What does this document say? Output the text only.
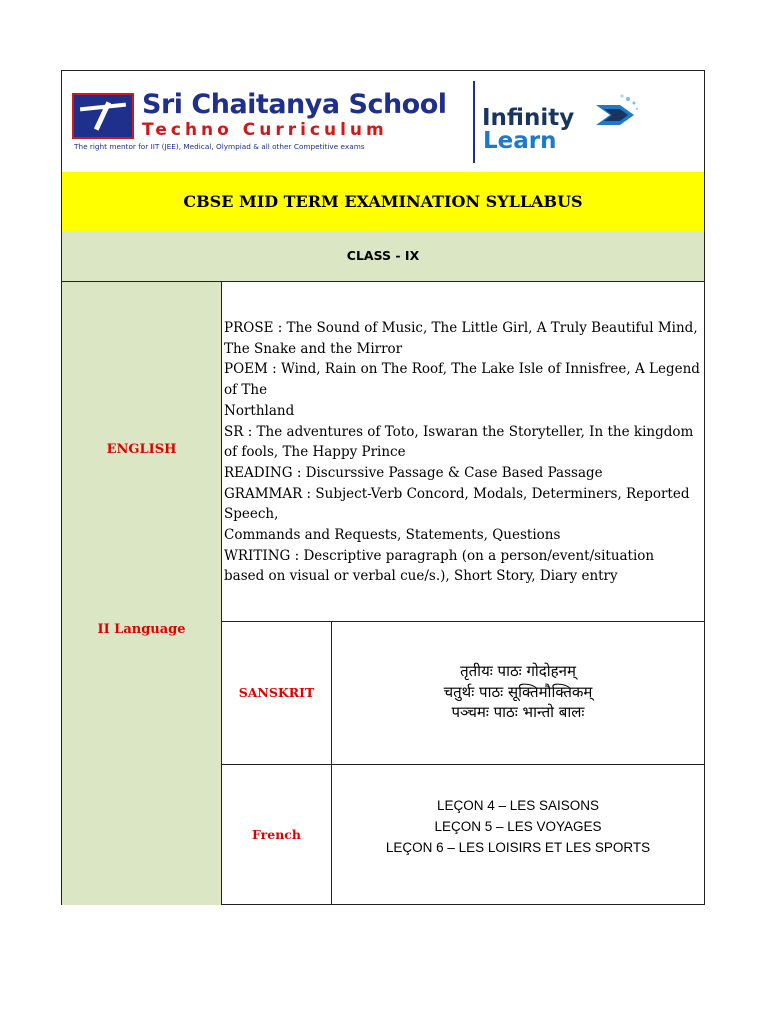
Sri Chaitanya School
Techno Curriculum
The right mentor for IIT (JEE), Medical, Olympiad & all other Competitive exams
Infinity
Learn
CBSE MID TERM EXAMINATION SYLLABUS
CLASS - IX
ENGLISH
II Language
PROSE : The Sound of Music, The Little Girl, A Truly Beautiful Mind,
The Snake and the Mirror
POEM : Wind, Rain on The Roof, The Lake Isle of Innisfree, A Legend
of The
Northland
SR : The adventures of Toto, Iswaran the Storyteller, In the kingdom
of fools, The Happy Prince
READING : Discurssive Passage & Case Based Passage
GRAMMAR : Subject-Verb Concord, Modals, Determiners, Reported
Speech,
Commands and Requests, Statements, Questions
WRITING : Descriptive paragraph (on a person/event/situation
based on visual or verbal cue/s.), Short Story, Diary entry
SANSKRIT
तृतीयः पाठः गोदोहनम्
चतुर्थः पाठः सूक्तिमौक्तिकम्
पञ्चमः पाठः भान्तो बालः
French
LEÇON 4 – LES SAISONS
LEÇON 5 – LES VOYAGES
LEÇON 6 – LES LOISIRS ET LES SPORTS
